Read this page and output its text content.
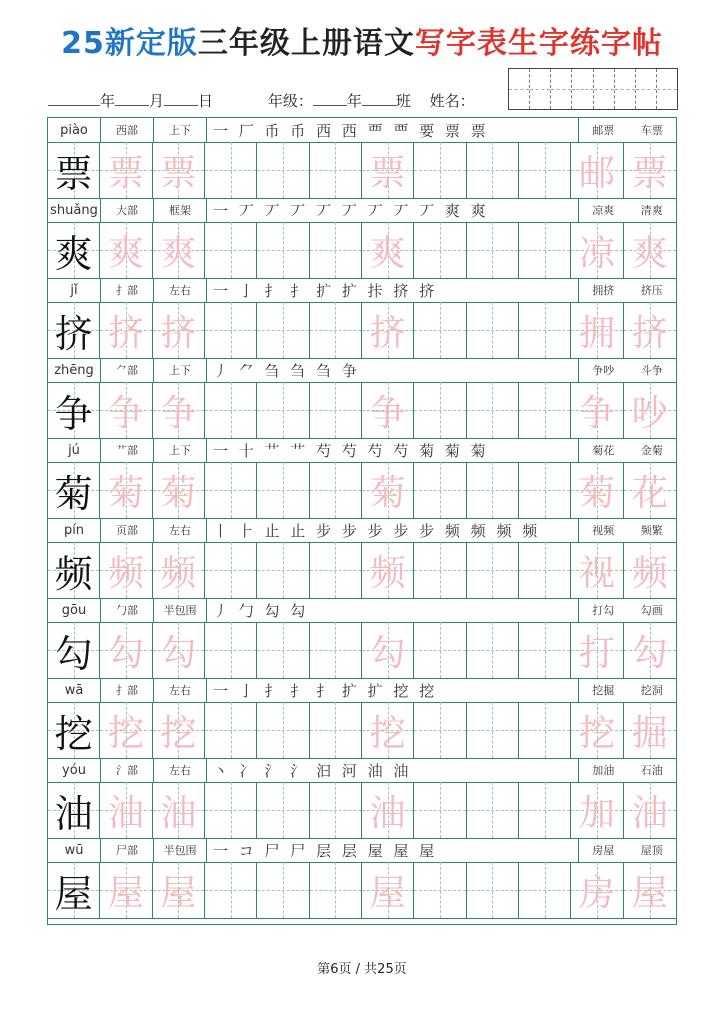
25新定版三年级上册语文写字表生字练字帖
年 月 日	年级： 年 班 姓名：
piào	西部	上下	一 厂 币 币 西 西 覀 覀 要 票 票	邮票 车票
票 票 票	票	邮 票
shuǎng	大部	框架	一 丆 丆 丆 丆 丆 丆 丆 丆 爽 爽	凉爽 清爽
爽 爽 爽	爽	凉 爽
jǐ	扌部	左右	一 亅 扌 扌 扩 扩 拤 挤 挤	拥挤 挤压
挤 挤 挤	挤	拥 挤
zhēng	⺈部	上下	丿 ⺈ 刍 刍 刍 争	争吵 斗争
争 争 争	争	争 吵
jú	艹部	上下	一 十 艹 艹 芍 芍 芍 芍 菊 菊 菊	菊花 金菊
菊 菊 菊	菊	菊 花
pín	页部	左右	丨 ⺊ 止 止 步 步 步 步 步 频 频 频 频	视频 频繁
频 频 频	频	视 频
gōu	勹部	半包围	丿 勹 勾 勾	打勾 勾画
勾 勾 勾	勾	打 勾
wā	扌部	左右	一 亅 扌 扌 扌 扩 扩 挖 挖	挖掘 挖洞
挖 挖 挖	挖	挖 掘
yóu	氵部	左右	丶 冫 氵 氵 汩 河 油 油	加油 石油
油 油 油	油	加 油
wū	尸部	半包围	一 コ 尸 尸 层 层 屋 屋 屋	房屋 屋顶
屋 屋 屋	屋	房 屋
第6页 / 共25页
